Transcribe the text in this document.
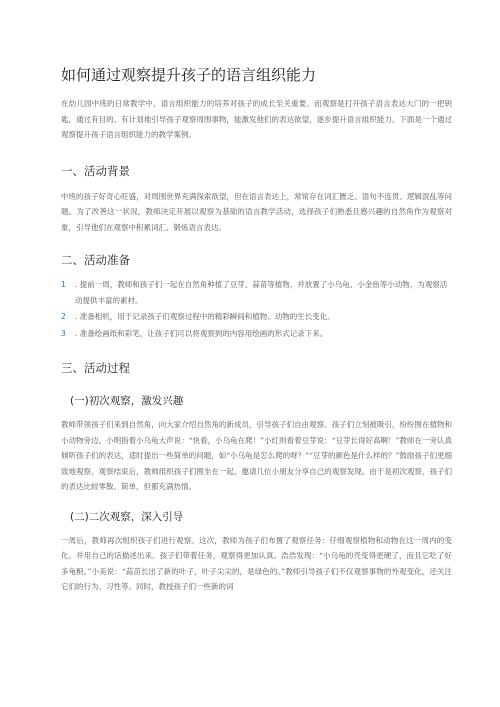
如何通过观察提升孩子的语言组织能力

在幼儿园中班的日常教学中，语言组织能力的培养对孩子的成长至关重要。而观察是打开孩子语言表达大门的一把钥匙，通过有目的、有计划地引导孩子观察周围事物，能激发他们的表达欲望，逐步提升语言组织能力。下面是一个通过观察提升孩子语言组织能力的教学案例。

一、活动背景

中班的孩子好奇心旺盛，对周围世界充满探索欲望，但在语言表达上，常常存在词汇匮乏、语句不连贯、逻辑混乱等问题。为了改善这一状况，教师决定开展以观察为基础的语言教学活动，选择孩子们熟悉且感兴趣的自然角作为观察对象，引导他们在观察中积累词汇、锻炼语言表达。

二、活动准备
1 . 提前一周，教师和孩子们一起在自然角种植了豆芽、蒜苗等植物，并放置了小乌龟、小金鱼等小动物，为观察活动提供丰富的素材。
2 . 准备相机，用于记录孩子们观察过程中的精彩瞬间和植物、动物的生长变化。
3 . 准备绘画纸和彩笔，让孩子们可以将观察到的内容用绘画的形式记录下来。
三、活动过程
(一)初次观察，激发兴趣

教师带领孩子们来到自然角，向大家介绍自然角的新成员，引导孩子们自由观察。孩子们立刻被吸引，纷纷围在植物和小动物旁边。小明指着小乌龟大声说：“快看，小乌龟在爬！”小红则看着豆芽说：“豆芽长得好高啊！”教师在一旁认真倾听孩子们的表达，适时提出一些简单的问题，如“小乌龟是怎么爬的呀？”“豆芽的颜色是什么样的？”鼓励孩子们更细致地观察。观察结束后，教师组织孩子们围坐在一起，邀请几位小朋友分享自己的观察发现。由于是初次观察，孩子们的表达比较零散、简单，但都充满热情。

(二)二次观察，深入引导

一周后，教师再次组织孩子们进行观察。这次，教师为孩子们布置了观察任务：仔细观察植物和动物在这一周内的变化，并用自己的话描述出来。孩子们带着任务，观察得更加认真。浩浩发现：“小乌龟的壳变得更硬了，而且它吃了好多龟粮。”小美说：“蒜苗长出了新的叶子，叶子尖尖的，是绿色的。”教师引导孩子们不仅观察事物的外观变化，还关注它们的行为、习性等。同时，教授孩子们一些新的词
